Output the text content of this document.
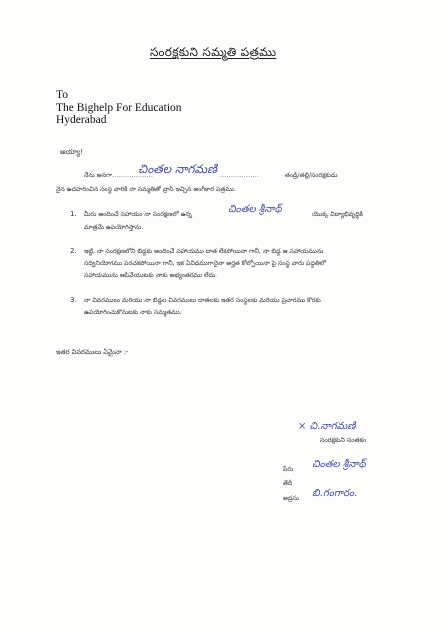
సంరక్షకుని సమ్మతి పత్రము
To
The Bighelp For Education
Hyderabad
అయ్యా!
నేను అనగా ...................
చింతల నాగమణి ..................	తండ్రి/తల్లి/సంరక్షకుడు
నైన ఉదహరించిన సంస్థ వారికి నా సమ్మతితో వ్రాసి ఇచ్చిన అంగీకార పత్రము.
1. మీరు అందించే సహాయం నా సంరక్షణలో ఉన్న	చింతల శ్రీనాథ్	యొక్క విద్యాభివృద్ధికి
మాత్రమే ఉపయోగిస్తాను.
2. ఇట్టి, నా సంరక్షణలోని బిడ్డకు అందించే సహాయము దాత లేకపోయినా గానీ, నా బిడ్డ ఆ సహాయమును
సద్వినియోగము పరచకపోయినా గానీ, ఇక ఏవిధముగానైనా అర్హత కోల్పోయినా పై సంస్థ వారు పద్ధతిలో
సహాయమును ఆపివేయుటకు నాకు అభ్యంతరము లేదు.
3. నా వివరములు మరియు నా బిడ్డల వివరములు దాతలకు ఇతర సంస్థలకు మరియు ప్రచారము కొరకు
ఉపయోగించుకొనుటకు నాకు సమ్మతము.
ఇతర వివరములు ఏమైనా :-
× చి.నాగమణి
సంరక్షకుని సంతకం
పేరు చింతల శ్రీనాథ్
తేదీ
అడ్రసు బి.గంగారం.
